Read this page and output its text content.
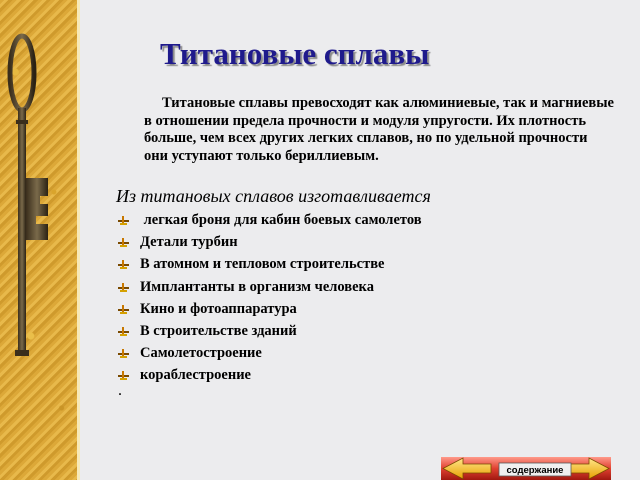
Титановые сплавы
Титановые сплавы превосходят как алюминиевые, так и магниевые в отношении предела прочности и модуля упругости. Их плотность больше, чем всех других легких сплавов, но по удельной прочности они уступают только бериллиевым.
Из титановых сплавов изготавливается
легкая броня для кабин боевых самолетов
Детали турбин
В атомном и тепловом строительстве
Имплантанты в организм человека
Кино и фотоаппаратура
В строительстве зданий
Самолетостроение
кораблестроение
.
содержание
